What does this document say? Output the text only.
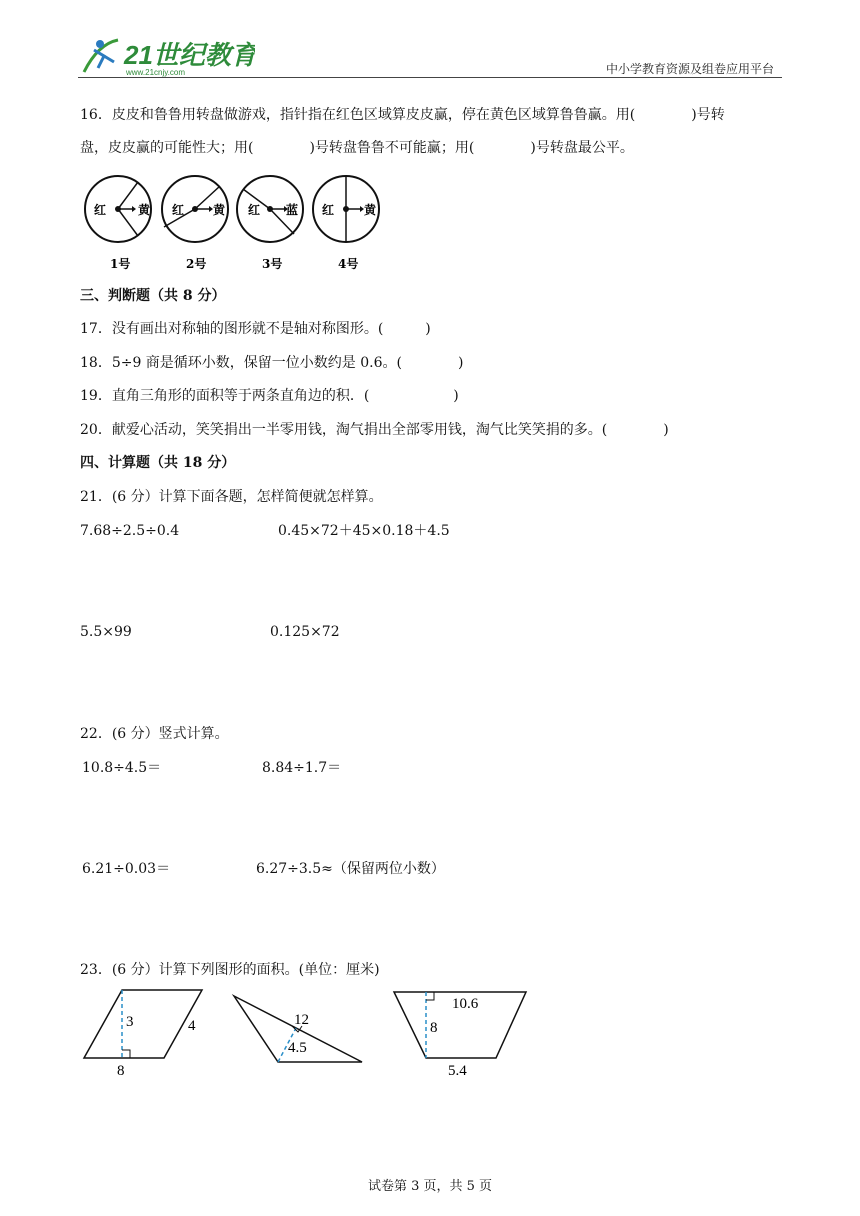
21世纪教育
www.21cnjy.com	中小学教育资源及组卷应用平台
16．皮皮和鲁鲁用转盘做游戏，指针指在红色区域算皮皮赢，停在黄色区域算鲁鲁赢。用(　　　　)号转
盘，皮皮赢的可能性大；用(　　　　)号转盘鲁鲁不可能赢；用(　　　　)号转盘最公平。
红	黄
1号
红 黄
2号
红 蓝
3号
红 黄
4号
三、判断题（共 8 分）
17．没有画出对称轴的图形就不是轴对称图形。(　　　)
18．5÷9 商是循环小数，保留一位小数约是 0.6。(　　　　)
19．直角三角形的面积等于两条直角边的积．(　　　　　　)
20．献爱心活动，笑笑捐出一半零用钱，淘气捐出全部零用钱，淘气比笑笑捐的多。(　　　　)
四、计算题（共 18 分）
21．(6 分）计算下面各题，怎样简便就怎样算。
7.68÷2.5÷0.4	0.45×72＋45×0.18＋4.5
5.5×99	0.125×72
22．(6 分）竖式计算。
10.8÷4.5＝	8.84÷1.7＝
6.21÷0.03＝	6.27÷3.5≈（保留两位小数）
23．(6 分）计算下列图形的面积。(单位：厘米)
3	4
8
12
4.5
10.6
8
5.4
试卷第 3 页，共 5 页
